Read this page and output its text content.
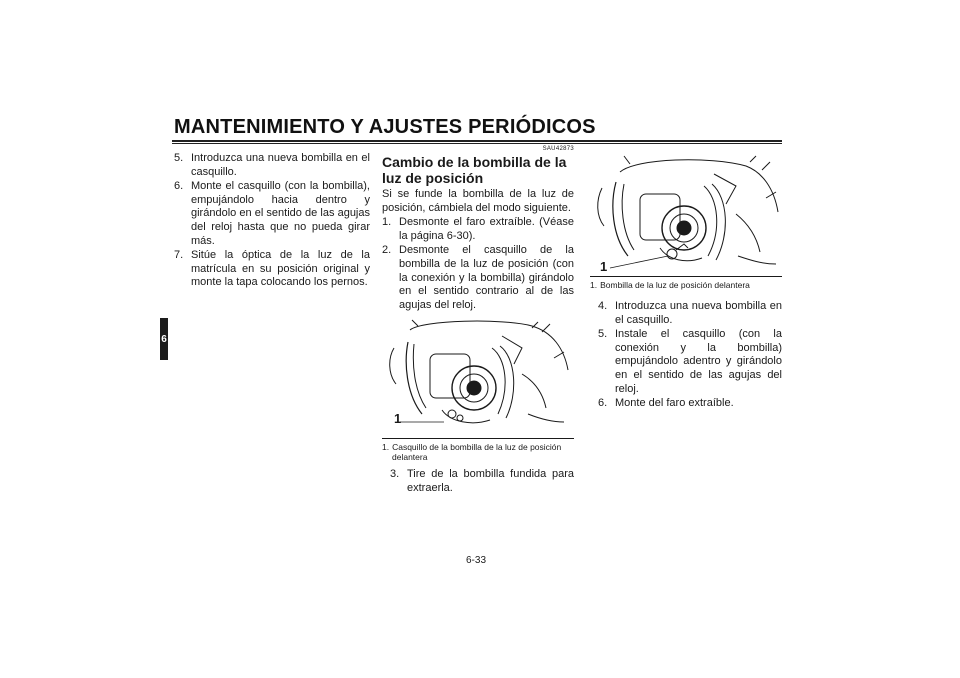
MANTENIMIENTO Y AJUSTES PERIÓDICOS
6
5. Introduzca una nueva bombilla en el casquillo.
6. Monte el casquillo (con la bombilla), empujándolo hacia dentro y girándolo en el sentido de las agujas del reloj hasta que no pueda girar más.
7. Sitúe la óptica de la luz de la matrícula en su posición original y monte la tapa colocando los pernos.
SAU42873
Cambio de la bombilla de la luz de posición
Si se funde la bombilla de la luz de posición, cámbiela del modo siguiente.
1. Desmonte el faro extraíble. (Véase la página 6-30).
2. Desmonte el casquillo de la bombilla de la luz de posición (con la conexión y la bombilla) girándolo en el sentido contrario al de las agujas del reloj.
1
1. Casquillo de la bombilla de la luz de posición delantera
3. Tire de la bombilla fundida para extraerla.
1
1. Bombilla de la luz de posición delantera
4. Introduzca una nueva bombilla en el casquillo.
5. Instale el casquillo (con la conexión y la bombilla) empujándolo adentro y girándolo en el sentido de las agujas del reloj.
6. Monte del faro extraíble.
6-33
